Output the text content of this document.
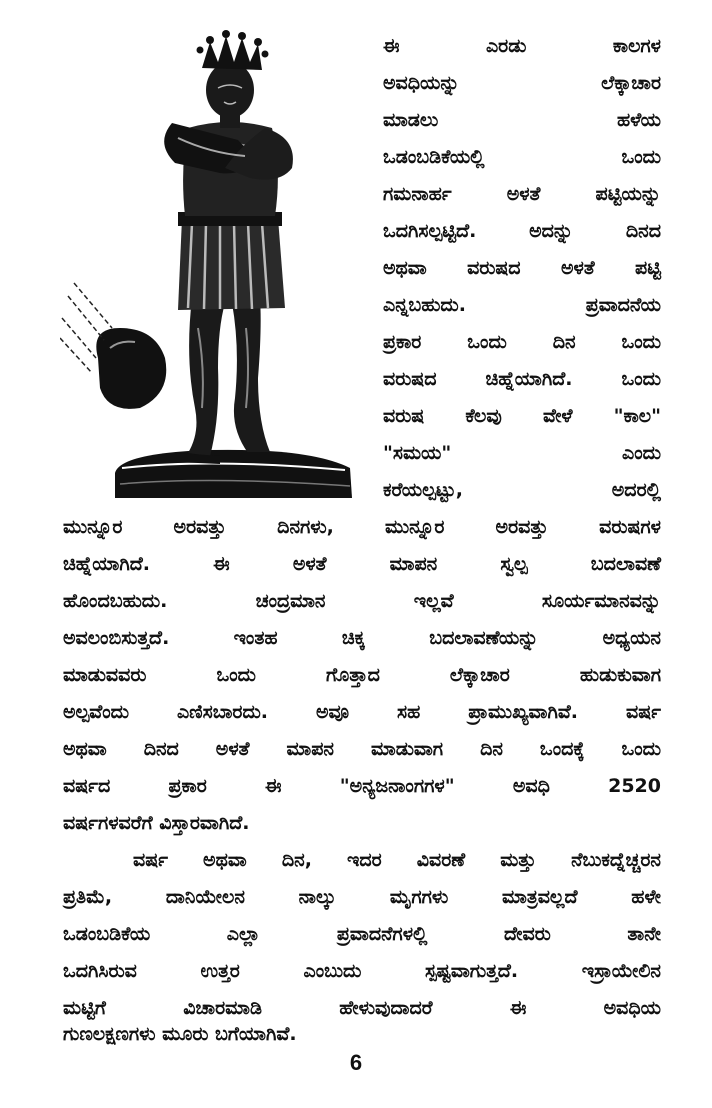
ಈ ಎರಡು ಕಾಲಗಳ
ಅವಧಿಯನ್ನು ಲೆಕ್ಕಾಚಾರ
ಮಾಡಲು ಹಳೆಯ
ಒಡಂಬಡಿಕೆಯಲ್ಲಿ ಒಂದು
ಗಮನಾರ್ಹ ಅಳತೆ ಪಟ್ಟಿಯನ್ನು
ಒದಗಿಸಲ್ಪಟ್ಟಿದೆ. ಅದನ್ನು ದಿನದ
ಅಥವಾ ವರುಷದ ಅಳತೆ ಪಟ್ಟಿ
ಎನ್ನಬಹುದು. ಪ್ರವಾದನೆಯ
ಪ್ರಕಾರ ಒಂದು ದಿನ ಒಂದು
ವರುಷದ ಚಿಹ್ನೆಯಾಗಿದೆ. ಒಂದು
ವರುಷ ಕೆಲವು ವೇಳೆ "ಕಾಲ"
"ಸಮಯ" ಎಂದು
ಕರೆಯಲ್ಪಟ್ಟು, ಅದರಲ್ಲಿ
ಮುನ್ನೂರ ಅರವತ್ತು ದಿನಗಳು, ಮುನ್ನೂರ ಅರವತ್ತು ವರುಷಗಳ
ಚಿಹ್ನೆಯಾಗಿದೆ. ಈ ಅಳತೆ ಮಾಪನ ಸ್ವಲ್ಪ ಬದಲಾವಣೆ
ಹೊಂದಬಹುದು. ಚಂದ್ರಮಾನ ಇಲ್ಲವೆ ಸೂರ್ಯಮಾನವನ್ನು
ಅವಲಂಬಿಸುತ್ತದೆ. ಇಂತಹ ಚಿಕ್ಕ ಬದಲಾವಣೆಯನ್ನು ಅಧ್ಯಯನ
ಮಾಡುವವರು ಒಂದು ಗೊತ್ತಾದ ಲೆಕ್ಕಾಚಾರ ಹುಡುಕುವಾಗ
ಅಲ್ಪವೆಂದು ಎಣಿಸಬಾರದು. ಅವೂ ಸಹ ಪ್ರಾಮುಖ್ಯವಾಗಿವೆ. ವರ್ಷ
ಅಥವಾ ದಿನದ ಅಳತೆ ಮಾಪನ ಮಾಡುವಾಗ ದಿನ ಒಂದಕ್ಕೆ ಒಂದು
ವರ್ಷದ ಪ್ರಕಾರ ಈ "ಅನ್ಯಜನಾಂಗಗಳ" ಅವಧಿ 2520
ವರ್ಷಗಳವರೆಗೆ ವಿಸ್ತಾರವಾಗಿದೆ.
ವರ್ಷ ಅಥವಾ ದಿನ, ಇದರ ವಿವರಣೆ ಮತ್ತು ನೆಬುಕದ್ನೆಚ್ಚರನ
ಪ್ರತಿಮೆ, ದಾನಿಯೇಲನ ನಾಲ್ಕು ಮೃಗಗಳು ಮಾತ್ರವಲ್ಲದೆ ಹಳೇ
ಒಡಂಬಡಿಕೆಯ ಎಲ್ಲಾ ಪ್ರವಾದನೆಗಳಲ್ಲಿ ದೇವರು ತಾನೇ
ಒದಗಿಸಿರುವ ಉತ್ತರ ಎಂಬುದು ಸ್ಪಷ್ಟವಾಗುತ್ತದೆ. ಇಸ್ರಾಯೇಲಿನ
ಮಟ್ಟಿಗೆ ವಿಚಾರಮಾಡಿ ಹೇಳುವುದಾದರೆ ಈ ಅವಧಿಯ
ಗುಣಲಕ್ಷಣಗಳು ಮೂರು ಬಗೆಯಾಗಿವೆ.
6
